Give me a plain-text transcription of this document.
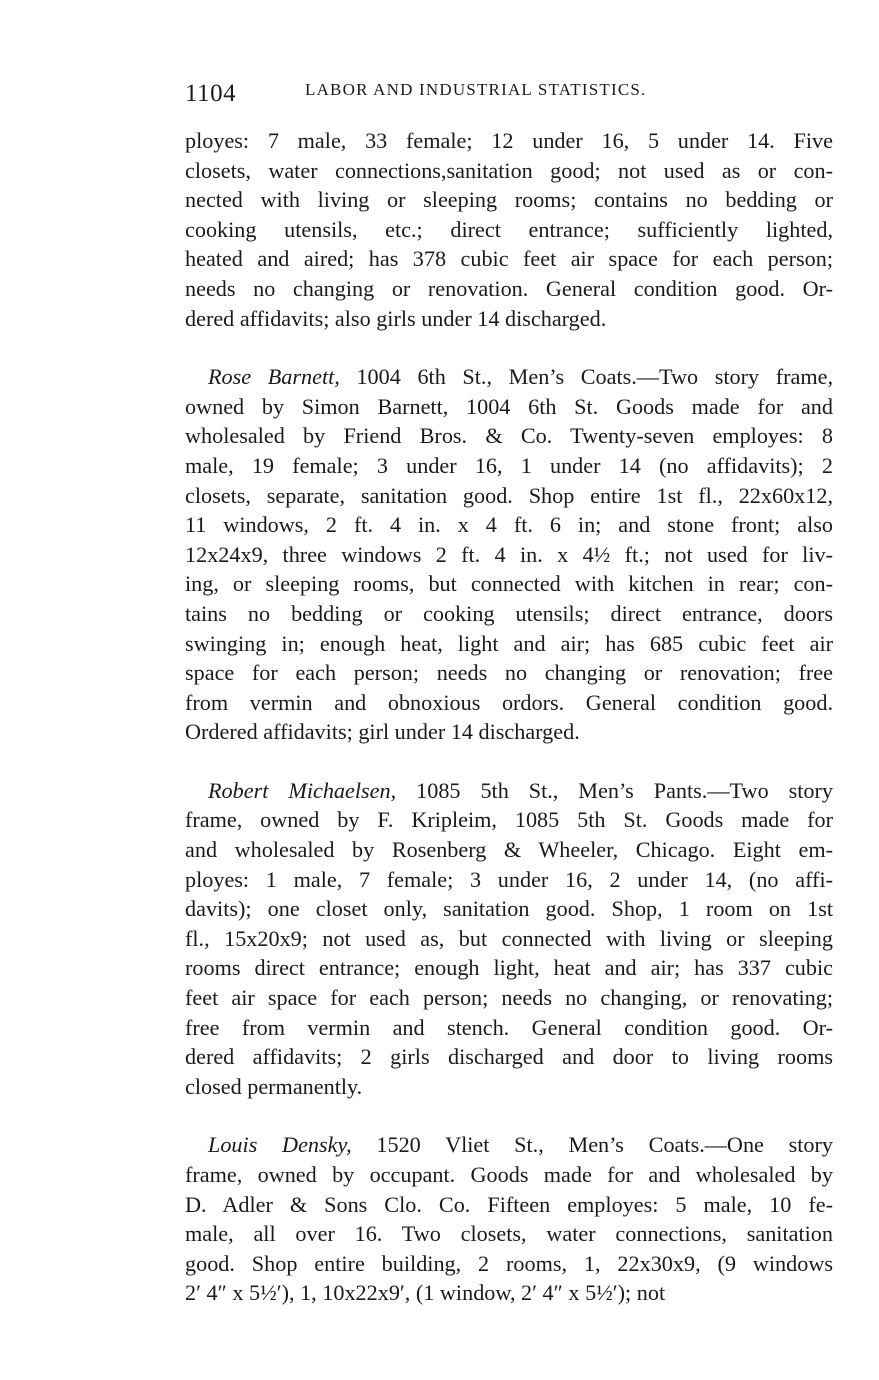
1104	LABOR AND INDUSTRIAL STATISTICS.
ployes: 7 male, 33 female; 12 under 16, 5 under 14. Five
closets, water connections,sanitation good; not used as or con-
nected with living or sleeping rooms; contains no bedding or
cooking utensils, etc.; direct entrance; sufficiently lighted,
heated and aired; has 378 cubic feet air space for each person;
needs no changing or renovation. General condition good. Or-
dered affidavits; also girls under 14 discharged.
Rose Barnett, 1004 6th St., Men’s Coats.—Two story frame,
owned by Simon Barnett, 1004 6th St. Goods made for and
wholesaled by Friend Bros. & Co. Twenty-seven employes: 8
male, 19 female; 3 under 16, 1 under 14 (no affidavits); 2
closets, separate, sanitation good. Shop entire 1st fl., 22x60x12,
11 windows, 2 ft. 4 in. x 4 ft. 6 in; and stone front; also
12x24x9, three windows 2 ft. 4 in. x 4½ ft.; not used for liv-
ing, or sleeping rooms, but connected with kitchen in rear; con-
tains no bedding or cooking utensils; direct entrance, doors
swinging in; enough heat, light and air; has 685 cubic feet air
space for each person; needs no changing or renovation; free
from vermin and obnoxious ordors. General condition good.
Ordered affidavits; girl under 14 discharged.
Robert Michaelsen, 1085 5th St., Men’s Pants.—Two story
frame, owned by F. Kripleim, 1085 5th St. Goods made for
and wholesaled by Rosenberg & Wheeler, Chicago. Eight em-
ployes: 1 male, 7 female; 3 under 16, 2 under 14, (no affi-
davits); one closet only, sanitation good. Shop, 1 room on 1st
fl., 15x20x9; not used as, but connected with living or sleeping
rooms direct entrance; enough light, heat and air; has 337 cubic
feet air space for each person; needs no changing, or renovating;
free from vermin and stench. General condition good. Or-
dered affidavits; 2 girls discharged and door to living rooms
closed permanently.
Louis Densky, 1520 Vliet St., Men’s Coats.—One story
frame, owned by occupant. Goods made for and wholesaled by
D. Adler & Sons Clo. Co. Fifteen employes: 5 male, 10 fe-
male, all over 16. Two closets, water connections, sanitation
good. Shop entire building, 2 rooms, 1, 22x30x9, (9 windows
2′ 4″ x 5½′), 1, 10x22x9′, (1 window, 2′ 4″ x 5½′); not
